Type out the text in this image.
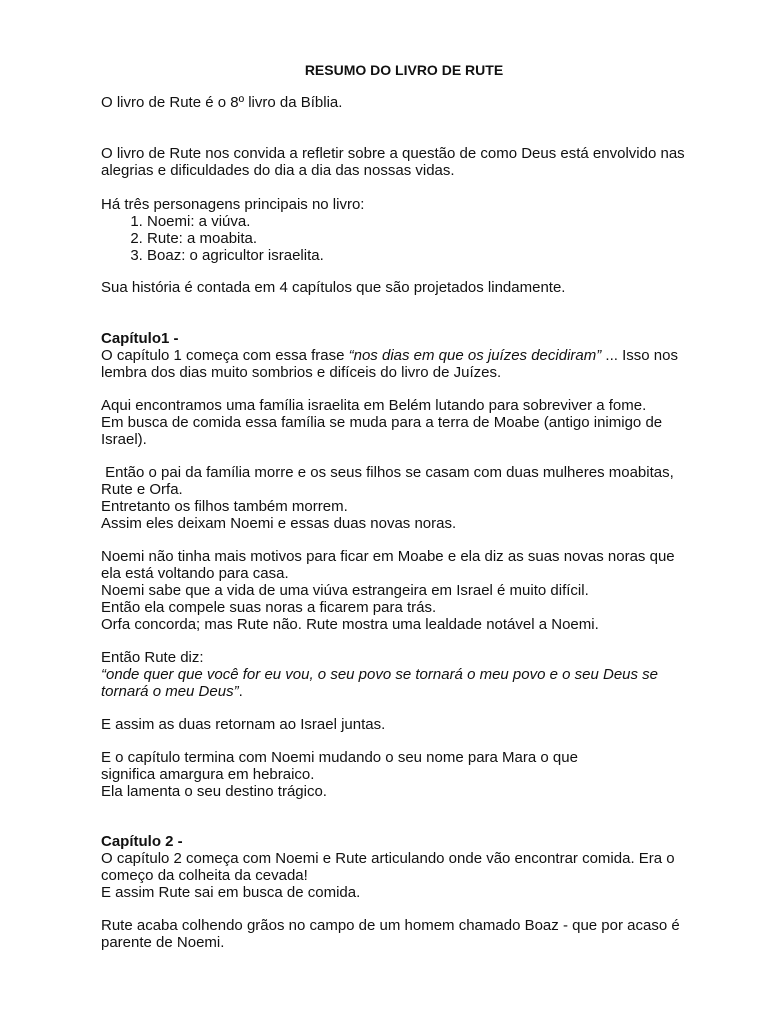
RESUMO DO LIVRO DE RUTE

O livro de Rute é o 8º livro da Bíblia.

O livro de Rute nos convida a refletir sobre a questão de como Deus está envolvido nas

alegrias e dificuldades do dia a dia das nossas vidas.

Há três personagens principais no livro:

1. Noemi: a viúva.
2. Rute: a moabita.
3. Boaz: o agricultor israelita.

Sua história é contada em 4 capítulos que são projetados lindamente.

Capítulo1 -

O capítulo 1 começa com essa frase “nos dias em que os juízes decidiram” ... Isso nos

lembra dos dias muito sombrios e difíceis do livro de Juízes.

Aqui encontramos uma família israelita em Belém lutando para sobreviver a fome.

Em busca de comida essa família se muda para a terra de Moabe (antigo inimigo de

Israel).

Então o pai da família morre e os seus filhos se casam com duas mulheres moabitas,

Rute e Orfa.

Entretanto os filhos também morrem.

Assim eles deixam Noemi e essas duas novas noras.

Noemi não tinha mais motivos para ficar em Moabe e ela diz as suas novas noras que

ela está voltando para casa.

Noemi sabe que a vida de uma viúva estrangeira em Israel é muito difícil.

Então ela compele suas noras a ficarem para trás.

Orfa concorda; mas Rute não. Rute mostra uma lealdade notável a Noemi.

Então Rute diz:

“onde quer que você for eu vou, o seu povo se tornará o meu povo e o seu Deus se

tornará o meu Deus”.

E assim as duas retornam ao Israel juntas.

E o capítulo termina com Noemi mudando o seu nome para Mara o que

significa amargura em hebraico.

Ela lamenta o seu destino trágico.

Capítulo 2 -

O capítulo 2 começa com Noemi e Rute articulando onde vão encontrar comida. Era o

começo da colheita da cevada!

E assim Rute sai em busca de comida.

Rute acaba colhendo grãos no campo de um homem chamado Boaz - que por acaso é

parente de Noemi.
